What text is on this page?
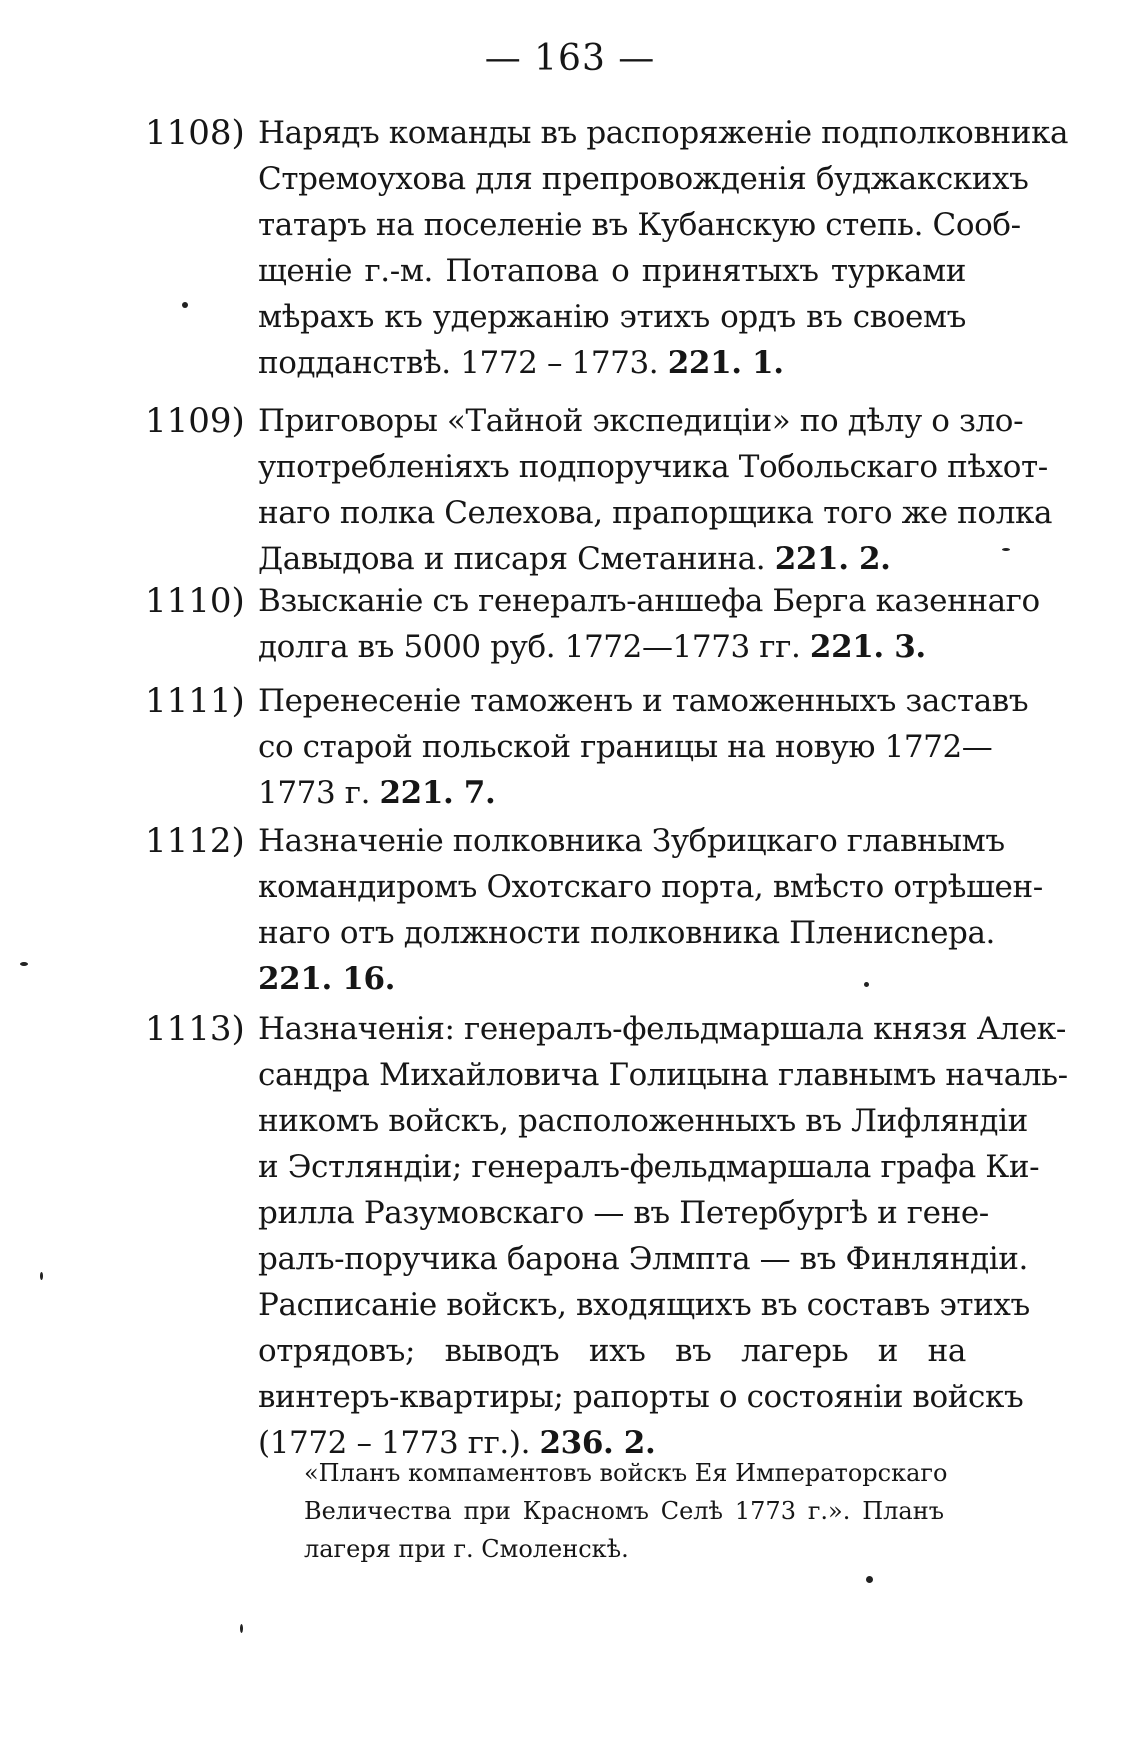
— 163 —
1108) Нарядъ команды въ распоряженіе подполковника
Стремоухова для препровожденія буджакскихъ
татаръ на поселеніе въ Кубанскую степь. Сооб-
щеніе г.-м. Потапова о принятыхъ турками
мѣрахъ къ удержанію этихъ ордъ въ своемъ
подданствѣ. 1772 – 1773. 221. 1.
1109) Приговоры «Тайной экспедиціи» по дѣлу о зло-
употребленіяхъ подпоручика Тобольскаго пѣхот-
наго полка Селехова, прапорщика того же полка
Давыдова и писаря Сметанина. 221. 2.
1110) Взысканіе съ генералъ-аншефа Берга казеннаго
долга въ 5000 руб. 1772—1773 гг. 221. 3.
1111) Перенесеніе таможенъ и таможенныхъ заставъ
со старой польской границы на новую 1772—
1773 г. 221. 7.
1112) Назначеніе полковника Зубрицкаго главнымъ
командиромъ Охотскаго порта, вмѣсто отрѣшен-
наго отъ должности полковника Пленисnера.
221. 16.
1113) Назначенія: генералъ-фельдмаршала князя Алек-
сандра Михайловича Голицына главнымъ началь-
никомъ войскъ, расположенныхъ въ Лифляндіи
и Эстляндіи; генералъ-фельдмаршала графа Ки-
рилла Разумовскаго — въ Петербургѣ и гене-
ралъ-поручика барона Элмпта — въ Финляндіи.
Расписаніе войскъ, входящихъ въ составъ этихъ
отрядовъ; выводъ ихъ въ лагерь и на
винтеръ-квартиры; рапорты о состояніи войскъ
(1772 – 1773 гг.). 236. 2.
«Планъ компаментовъ войскъ Ея Императорскаго
Величества при Красномъ Селѣ 1773 г.». Планъ
лагеря при г. Смоленскѣ.
